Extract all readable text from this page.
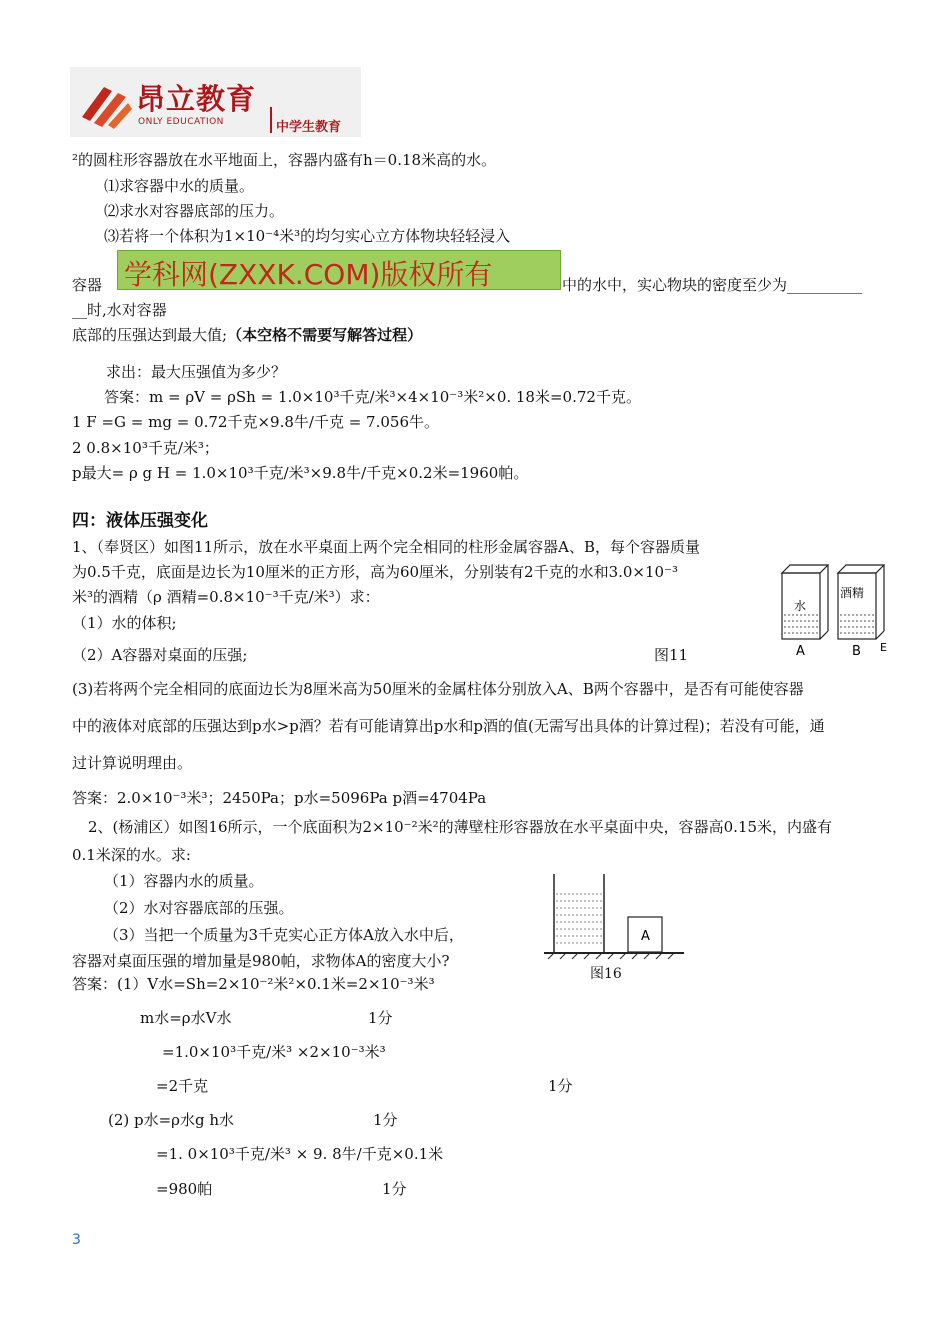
昂立教育
ONLY EDUCATION	中学生教育
²的圆柱形容器放在水平地面上，容器内盛有h＝0.18米高的水。
⑴求容器中水的质量。
⑵求水对容器底部的压力。
⑶若将一个体积为1×10⁻⁴米³的均匀实心立方体物块轻轻浸入
容器 学科网(ZXXK.COM)版权所有	中的水中，实心物块的密度至少为__________
__时,水对容器
底部的压强达到最大值;（本空格不需要写解答过程）
求出：最大压强值为多少？
答案：m = ρV = ρSh = 1.0×10³千克/米³×4×10⁻³米²×0. 18米=0.72千克。
1 F =G = mg = 0.72千克×9.8牛/千克 = 7.056牛。
2 0.8×10³千克/米³；
p最大= ρ g H = 1.0×10³千克/米³×9.8牛/千克×0.2米=1960帕。
四：液体压强变化
1、（奉贤区）如图11所示，放在水平桌面上两个完全相同的柱形金属容器A、B，每个容器质量
为0.5千克，底面是边长为10厘米的正方形，高为60厘米，分别装有2千克的水和3.0×10⁻³
米³的酒精（ρ 酒精=0.8×10⁻³千克/米³）求：
（1）水的体积;
（2）A容器对桌面的压强;	图11
水
A
酒精
B E
(3)若将两个完全相同的底面边长为8厘米高为50厘米的金属柱体分别放入A、B两个容器中，是否有可能使容器
中的液体对底部的压强达到p水>p酒？若有可能请算出p水和p酒的值(无需写出具体的计算过程)；若没有可能，通
过计算说明理由。
答案：2.0×10⁻³米³；2450Pa；p水=5096Pa p酒=4704Pa
2、(杨浦区）如图16所示，一个底面积为2×10⁻²米²的薄壁柱形容器放在水平桌面中央，容器高0.15米，内盛有
0.1米深的水。求:
（1）容器内水的质量。
（2）水对容器底部的压强。
（3）当把一个质量为3千克实心正方体A放入水中后，
容器对桌面压强的增加量是980帕，求物体A的密度大小?
A
图16
答案：(1）V水=Sh=2×10⁻²米²×0.1米=2×10⁻³米³
m水=ρ水V水	1分
=1.0×10³千克/米³ ×2×10⁻³米³
=2千克	1分
(2) p水=ρ水g h水	1分
=1. 0×10³千克/米³ × 9. 8牛/千克×0.1米
=980帕	1分
3
